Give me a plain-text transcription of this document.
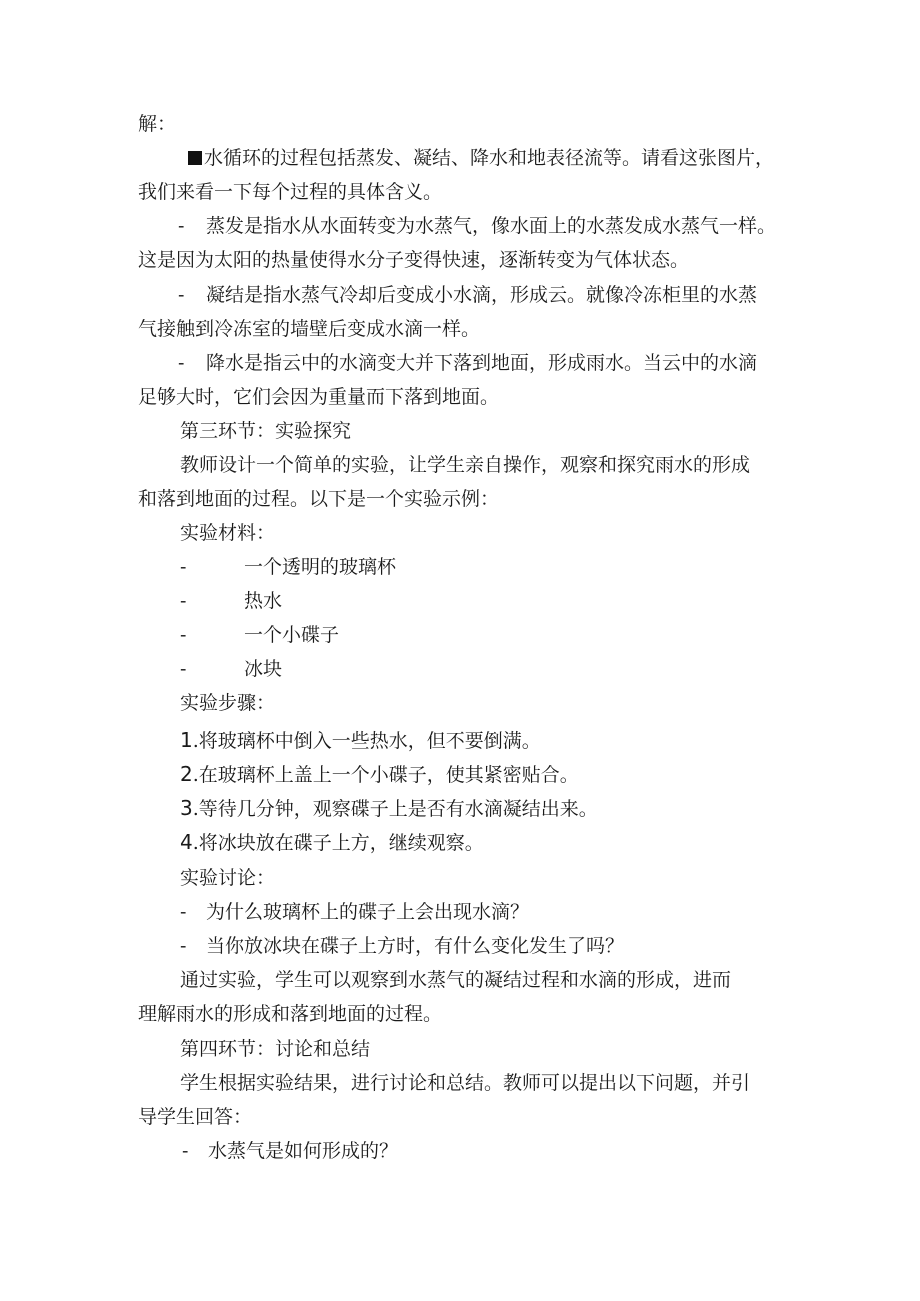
解：
水循环的过程包括蒸发、凝结、降水和地表径流等。请看这张图片，
我们来看一下每个过程的具体含义。
- 蒸发是指水从水面转变为水蒸气，像水面上的水蒸发成水蒸气一样。
这是因为太阳的热量使得水分子变得快速，逐渐转变为气体状态。
- 凝结是指水蒸气冷却后变成小水滴，形成云。就像冷冻柜里的水蒸
气接触到冷冻室的墙壁后变成水滴一样。
- 降水是指云中的水滴变大并下落到地面，形成雨水。当云中的水滴
足够大时，它们会因为重量而下落到地面。
第三环节：实验探究
教师设计一个简单的实验，让学生亲自操作，观察和探究雨水的形成
和落到地面的过程。以下是一个实验示例：
实验材料：
-	一个透明的玻璃杯
-	热水
-	一个小碟子
-	冰块
实验步骤：
1.将玻璃杯中倒入一些热水，但不要倒满。
2.在玻璃杯上盖上一个小碟子，使其紧密贴合。
3.等待几分钟，观察碟子上是否有水滴凝结出来。
4.将冰块放在碟子上方，继续观察。
实验讨论：
- 为什么玻璃杯上的碟子上会出现水滴？
- 当你放冰块在碟子上方时，有什么变化发生了吗？
通过实验，学生可以观察到水蒸气的凝结过程和水滴的形成，进而
理解雨水的形成和落到地面的过程。
第四环节：讨论和总结
学生根据实验结果，进行讨论和总结。教师可以提出以下问题，并引
导学生回答：
- 水蒸气是如何形成的？
